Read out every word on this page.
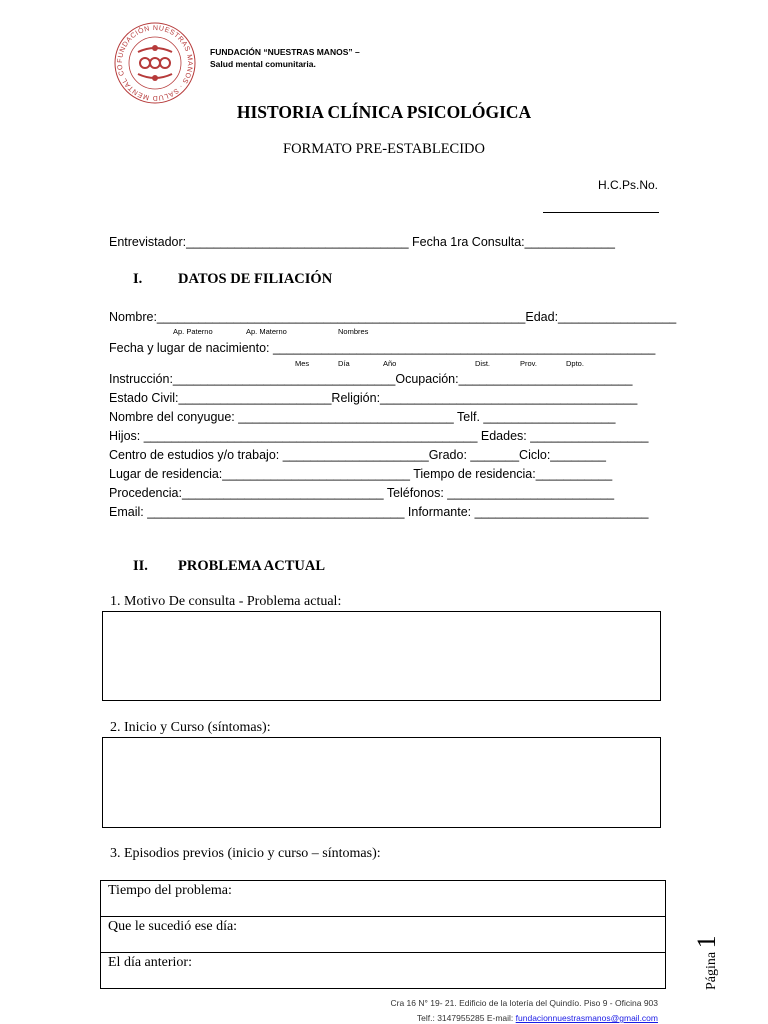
FUNDACIÓN NUESTRAS MANOS · SALUD MENTAL CO
FUNDACIÓN “NUESTRAS MANOS” –
Salud mental comunitaria.
HISTORIA CLÍNICA PSICOLÓGICA
FORMATO PRE-ESTABLECIDO
H.C.Ps.No.
Entrevistador:________________________________ Fecha 1ra Consulta:_____________
I. DATOS DE FILIACIÓN
Nombre:_____________________________________________________Edad:_________________
Ap. Paterno	Ap. Materno	Nombres
Fecha y lugar de nacimiento: _______________________________________________________
Mes	Día	Año	Dist.	Prov.	Dpto.
Instrucción:________________________________Ocupación:_________________________
Estado Civil:______________________Religión:_____________________________________
Nombre del conyugue: _______________________________ Telf. ___________________
Hijos: ________________________________________________ Edades: _________________
Centro de estudios y/o trabajo: _____________________Grado: _______Ciclo:________
Lugar de residencia:___________________________ Tiempo de residencia:___________
Procedencia:_____________________________ Teléfonos: ________________________
Email: _____________________________________ Informante: _________________________
II. PROBLEMA ACTUAL
1. Motivo De consulta - Problema actual:
2. Inicio y Curso (síntomas):
3. Episodios previos (inicio y curso – síntomas):
Tiempo del problema:
Que le sucedió ese día:
El día anterior:	Página 1
Cra 16 N° 19- 21. Edificio de la lotería del Quindío. Piso 9 - Oficina 903
Telf.: 3147955285 E-mail: fundacionnuestrasmanos@gmail.com
